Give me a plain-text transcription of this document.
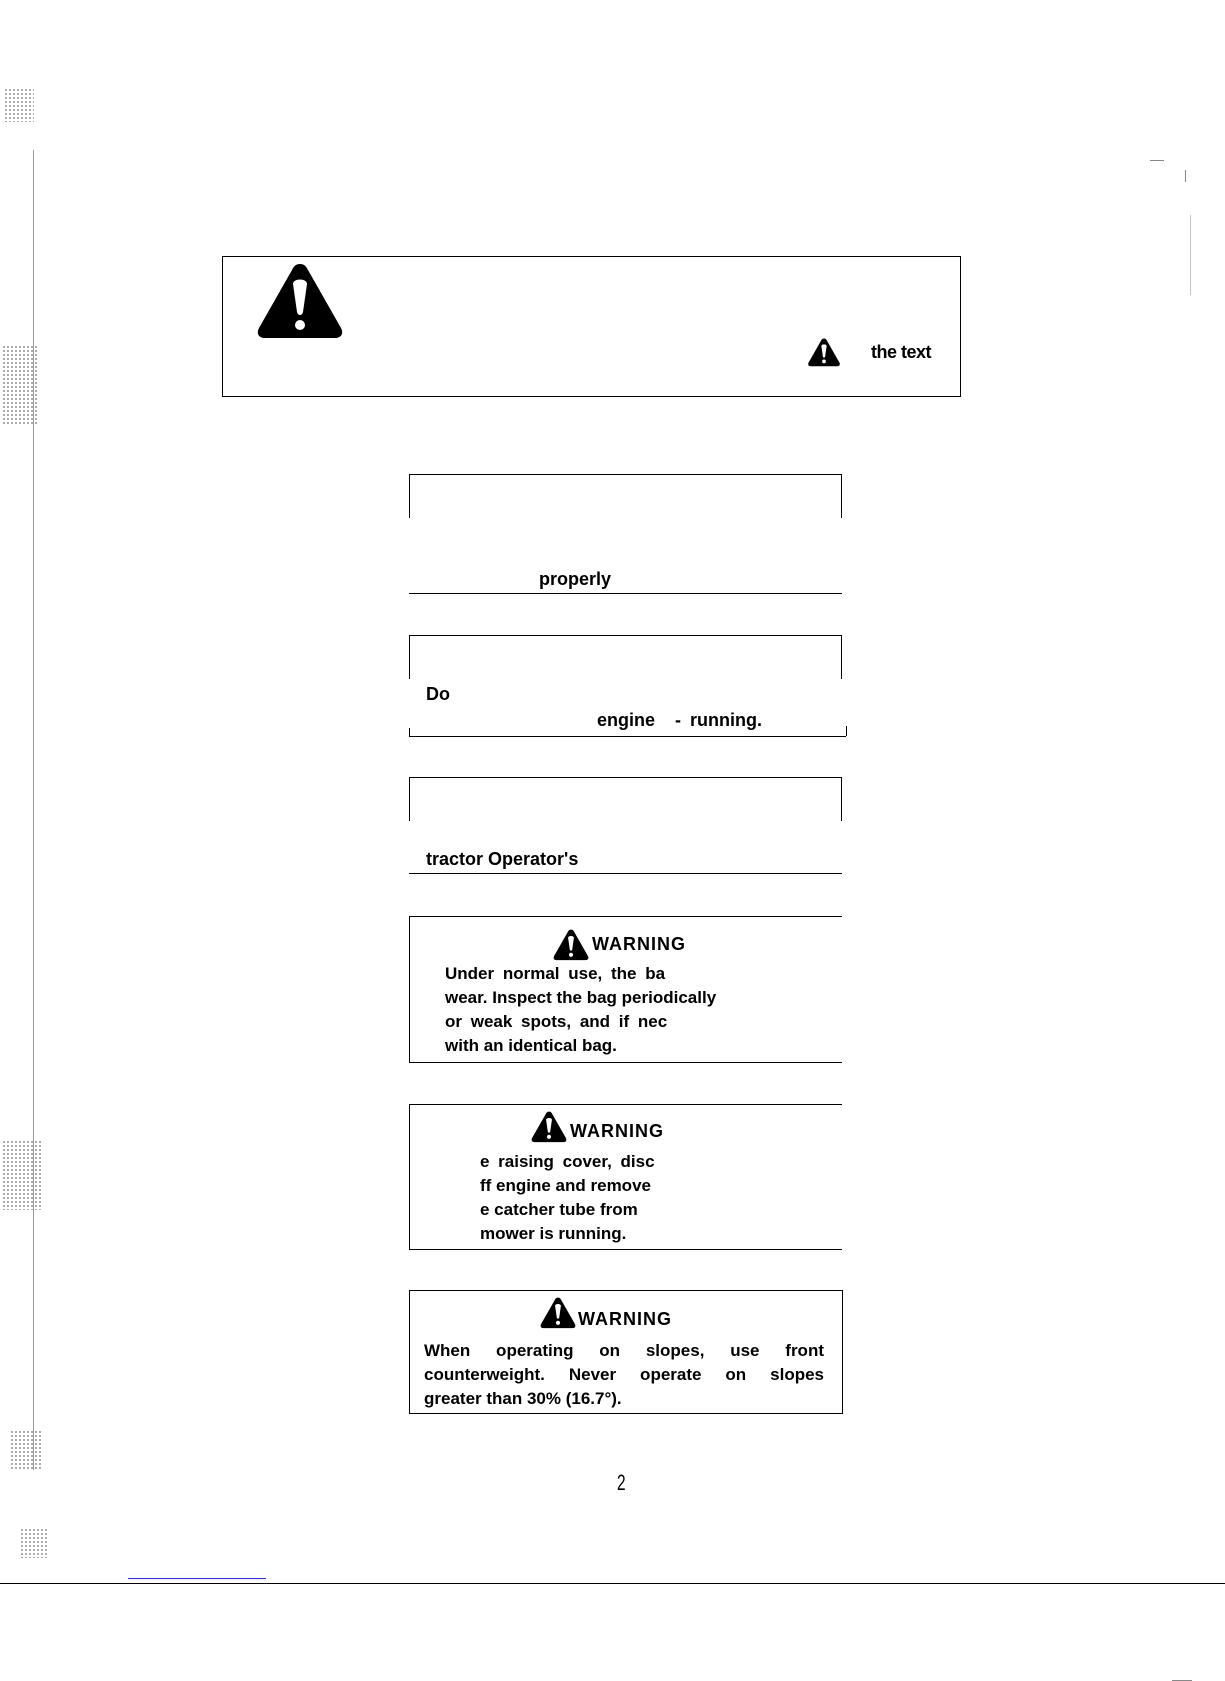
the text
properly
Do
engine - running.
tractor Operator's
WARNING
Under normal use, the ba
wear. Inspect the bag periodically
or weak spots, and if nec
with an identical bag.
WARNING
e raising cover, disc
ff engine and remove
e catcher tube from
mower is running.
WARNING
When operating on slopes, use front
counterweight. Never operate on slopes
greater than 30% (16.7°).
2
